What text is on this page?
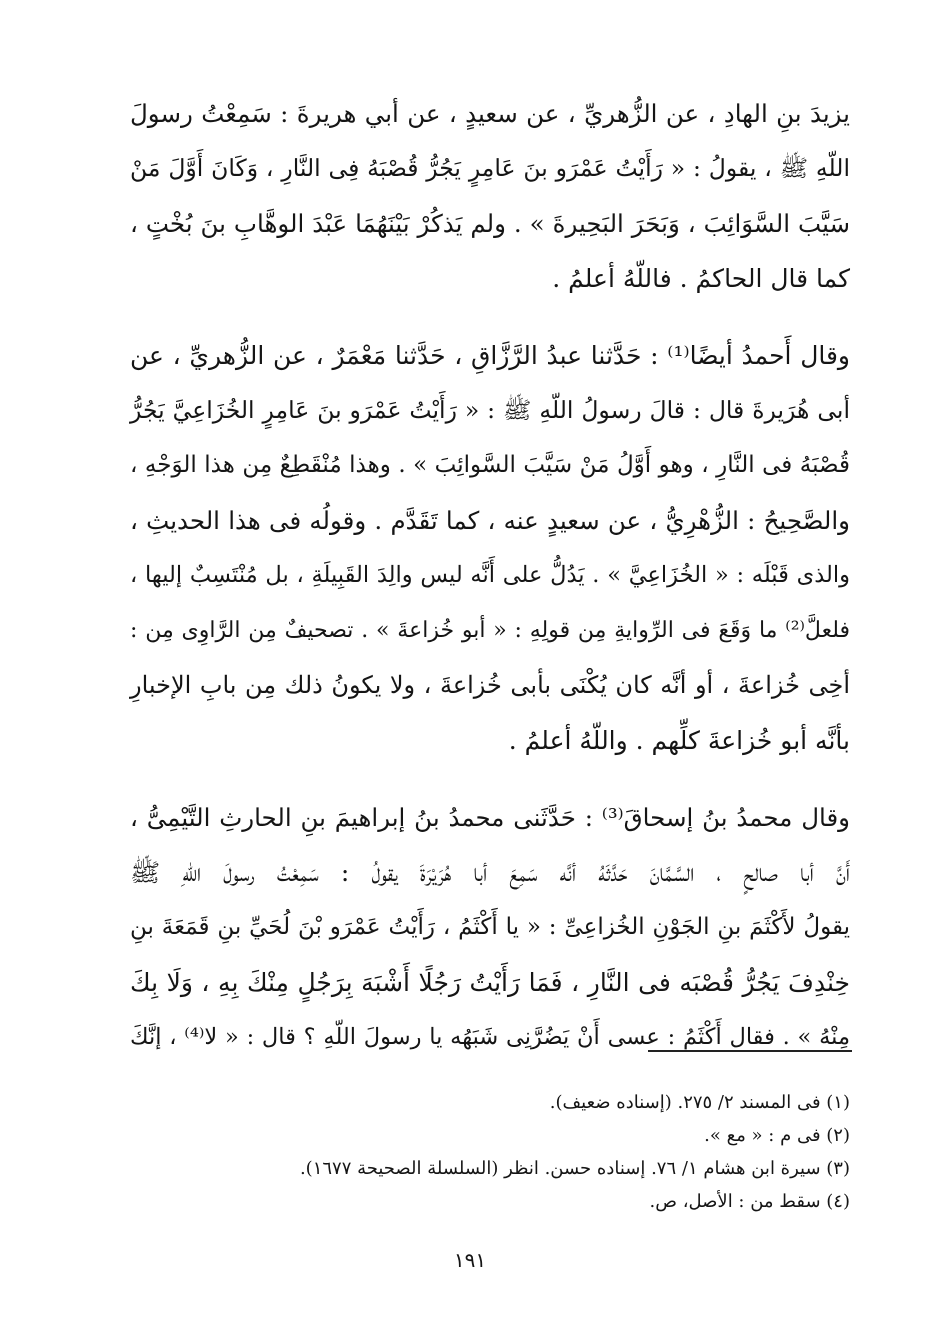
يزيدَ بنِ الهادِ ، عن الزُّهريِّ ، عن سعيدٍ ، عن أبي هريرةَ : سَمِعْتُ رسولَ
اللّهِ ﷺ ، يقولُ : « رَأَيْتُ عَمْرَو بنَ عَامِرٍ يَجُرُّ قُصْبَهُ فِى النَّارِ ، وَكَانَ أَوَّلَ مَنْ
سَيَّبَ السَّوَائِبَ ، وَبَحَرَ البَحِيرةَ » . ولم يَذكُرْ بَيْنَهُمَا عَبْدَ الوهَّابِ بنَ بُخْتٍ ،
كما قال الحاكمُ . فاللّهُ أعلمُ .
وقال أَحمدُ أيضًا⁽¹⁾ : حَدَّثنا عبدُ الرَّزَّاقِ ، حَدَّثنا مَعْمَرٌ ، عن الزُّهريِّ ، عن
أبى هُرَيرةَ قال : قالَ رسولُ اللّهِ ﷺ : « رَأَيْتُ عَمْرَو بنَ عَامِرٍ الخُزَاعِيَّ يَجُرُّ
قُصْبَهُ فى النَّارِ ، وهو أَوَّلُ مَنْ سَيَّبَ السَّوائِبَ » . وهذا مُنْقَطِعٌ مِن هذا الوَجْهِ ،
والصَّحِيحُ : الزُّهْرِيُّ ، عن سعيدٍ عنه ، كما تَقَدَّم . وقولُه فى هذا الحديثِ ،
والذى قَبْلَه : « الخُزَاعِيَّ » . يَدُلُّ على أَنَّه ليس والِدَ القَبِيلَةِ ، بل مُنْتَسِبٌ إليها ،
فلعلَّ⁽²⁾ ما وَقَعَ فى الرِّوايةِ مِن قولِهِ : « أبو خُزاعةَ » . تصحيفٌ مِن الرَّاوِى مِن :
أخِى خُزاعةَ ، أو أنَّه كان يُكْنَى بأبى خُزاعةَ ، ولا يكونُ ذلك مِن بابِ الإخبارِ
بأنَّه أبو خُزاعةَ كلِّهم . واللّهُ أعلمُ .
وقال محمدُ بنُ إسحاقَ⁽³⁾ : حَدَّثَنى محمدُ بنُ إبراهيمَ بنِ الحارثِ التَّيْمِىُّ ،
أَنَّ أبا صالحٍ ، السَّمَّانَ حَدَّثَهُ أنَّه سَمِعَ أبا هُرَيْرَةَ يقولُ : سَمِعْتُ رسولَ اللّهِ ﷺ
يقولُ لأَكْثَمَ بنِ الجَوْنِ الخُزاعِىِّ : « يا أَكْثَمُ ، رَأَيْتُ عَمْرَو بْنَ لُحَيِّ بنِ قَمَعَةَ بنِ
خِنْدِفَ يَجُرُّ قُصْبَه فى النَّارِ ، فَمَا رَأَيْتُ رَجُلًا أَشْبَهَ بِرَجُلٍ مِنْكَ بِهِ ، وَلَا بِكَ
مِنْهُ » . فقال أَكْثَمُ : عسى أَنْ يَضُرَّنِى شَبَهُه يا رسولَ اللّهِ ؟ قال : « لا⁽⁴⁾ ، إنَّكَ
(١) فى المسند ٢/ ٢٧٥. (إسناده ضعيف).
(٢) فى م : « مع ».
(٣) سيرة ابن هشام ١/ ٧٦. إسناده حسن. انظر (السلسلة الصحيحة ١٦٧٧).
(٤) سقط من : الأصل، ص.
١٩١
